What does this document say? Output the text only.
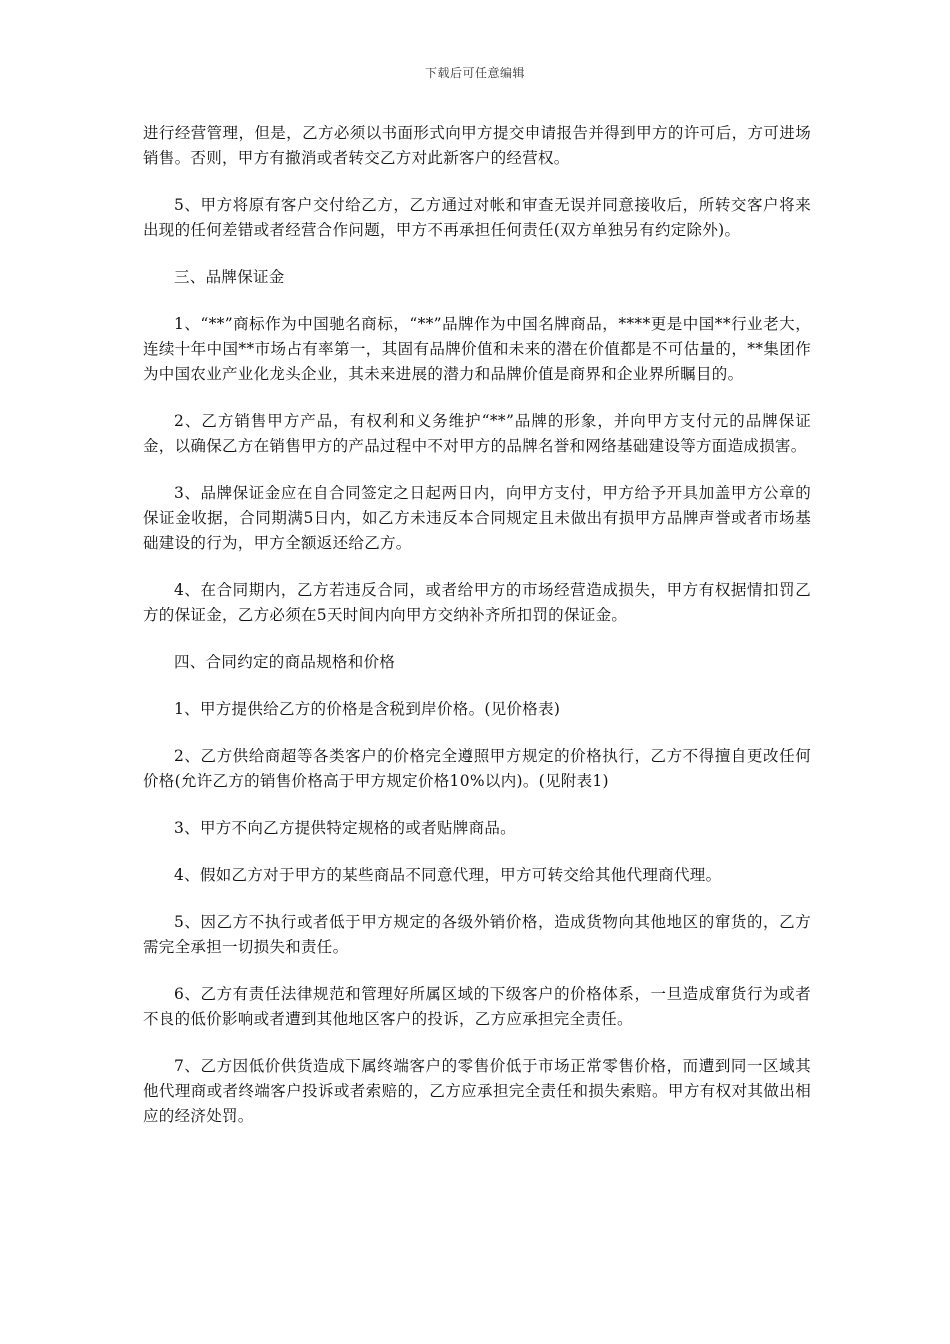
下载后可任意编辑

进行经营管理，但是，乙方必须以书面形式向甲方提交申请报告并得到甲方的许可后，方可进场销售。否则，甲方有撤消或者转交乙方对此新客户的经营权。

5、甲方将原有客户交付给乙方，乙方通过对帐和审查无误并同意接收后，所转交客户将来出现的任何差错或者经营合作问题，甲方不再承担任何责任(双方单独另有约定除外)。

三、品牌保证金

1、“**”商标作为中国驰名商标，“**”品牌作为中国名牌商品，****更是中国**行业老大，连续十年中国**市场占有率第一，其固有品牌价值和未来的潜在价值都是不可估量的，**集团作为中国农业产业化龙头企业，其未来进展的潜力和品牌价值是商界和企业界所瞩目的。

2、乙方销售甲方产品，有权利和义务维护“**”品牌的形象，并向甲方支付元的品牌保证金，以确保乙方在销售甲方的产品过程中不对甲方的品牌名誉和网络基础建设等方面造成损害。

3、品牌保证金应在自合同签定之日起两日内，向甲方支付，甲方给予开具加盖甲方公章的保证金收据，合同期满5日内，如乙方未违反本合同规定且未做出有损甲方品牌声誉或者市场基础建设的行为，甲方全额返还给乙方。

4、在合同期内，乙方若违反合同，或者给甲方的市场经营造成损失，甲方有权据情扣罚乙方的保证金，乙方必须在5天时间内向甲方交纳补齐所扣罚的保证金。

四、合同约定的商品规格和价格

1、甲方提供给乙方的价格是含税到岸价格。(见价格表)

2、乙方供给商超等各类客户的价格完全遵照甲方规定的价格执行，乙方不得擅自更改任何价格(允许乙方的销售价格高于甲方规定价格10%以内)。(见附表1)

3、甲方不向乙方提供特定规格的或者贴牌商品。

4、假如乙方对于甲方的某些商品不同意代理，甲方可转交给其他代理商代理。

5、因乙方不执行或者低于甲方规定的各级外销价格，造成货物向其他地区的窜货的，乙方需完全承担一切损失和责任。

6、乙方有责任法律规范和管理好所属区域的下级客户的价格体系，一旦造成窜货行为或者不良的低价影响或者遭到其他地区客户的投诉，乙方应承担完全责任。

7、乙方因低价供货造成下属终端客户的零售价低于市场正常零售价格，而遭到同一区域其他代理商或者终端客户投诉或者索赔的，乙方应承担完全责任和损失索赔。甲方有权对其做出相应的经济处罚。
